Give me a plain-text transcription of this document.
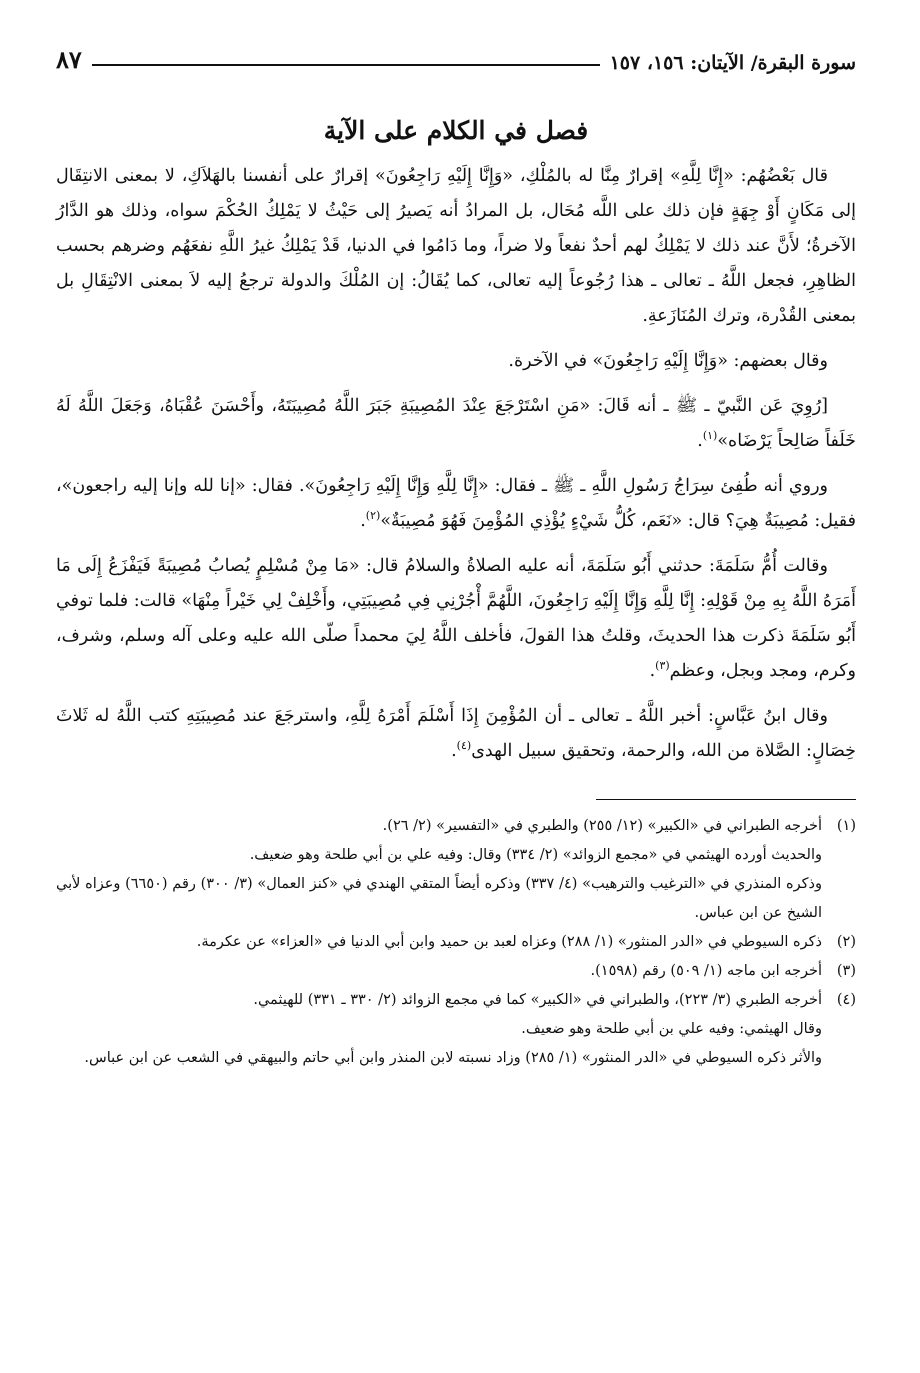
سورة البقرة/ الآيتان: ١٥٦، ١٥٧
٨٧
فصل في الكلام على الآية

قال بَعْضُهُم: «إِنَّا لِلَّهِ» إقرارٌ مِنَّا له بالمُلْكِ، «وَإِنَّا إِلَيْهِ رَاجِعُونَ» إقرارٌ على أنفسنا بالهَلاَكِ، لا بمعنى الانتِقَال إلى مَكَانٍ أَوْ جِهَةٍ فإن ذلك على اللَّه مُحَال، بل المرادُ أنه يَصيرُ إلى حَيْثُ لا يَمْلِكُ الحُكْمَ سواه، وذلك هو الدَّارُ الآخرةُ؛ لأَنَّ عند ذلك لا يَمْلِكُ لهم أحدٌ نفعاً ولا ضراً، وما دَامُوا في الدنيا، قَدْ يَمْلِكُ غيرُ اللَّهِ نفعَهُم وضرهم بحسب الظاهِرِ، فجعل اللَّهُ ـ تعالى ـ هذا رُجُوعاً إليه تعالى، كما يُقَالُ: إن المُلْكَ والدولة ترجعُ إليه لاَ بمعنى الانْتِقَالِ بل بمعنى القُدْرة، وترك المُنَازَعةِ.

وقال بعضهم: «وَإِنَّا إِلَيْهِ رَاجِعُونَ» في الآخرة.

[رُوِيَ عَن النَّبيّ ـ ﷺ ـ أنه قَالَ: «مَنِ اسْتَرْجَعَ عِنْدَ المُصِيبَةِ جَبَرَ اللَّهُ مُصِيبَتَهُ، وأَحْسَنَ عُقْبَاهُ، وَجَعَلَ اللَّهُ لَهُ خَلَفاً صَالِحاً يَرْضَاه»$^{(١)}$.

وروي أنه طُفِئ سِرَاجُ رَسُولِ اللَّهِ ـ ﷺ ـ فقال: «إِنَّا لِلَّهِ وَإِنَّا إِلَيْهِ رَاجِعُونَ». فقال: «إنا لله وإنا إليه راجعون»، فقيل: مُصِيبَةٌ هِيَ؟ قال: «نَعَم، كُلُّ شَيْءٍ يُؤْذِي المُؤْمِنَ فَهُوَ مُصِيبَةٌ»$^{(٢)}$.

وقالت أُمُّ سَلَمَةَ: حدثني أَبُو سَلَمَةَ، أنه عليه الصلاةُ والسلامُ قال: «مَا مِنْ مُسْلِمٍ يُصابُ مُصِيبَةً فَيَفْزَعُ إِلَى مَا أَمَرَهُ اللَّهُ بِهِ مِنْ قَوْلِهِ: إِنَّا لِلَّهِ وَإِنَّا إِلَيْهِ رَاجِعُونَ، اللَّهُمَّ أْجُرْنِي فِي مُصِيبَتِي، وأَخْلِفْ لِي خَيْراً مِنْهَا» قالت: فلما توفي أَبُو سَلَمَةَ ذكرت هذا الحديثَ، وقلتُ هذا القولَ، فأخلف اللَّهُ لِيَ محمداً صلّى الله عليه وعلى آله وسلم، وشرف، وكرم، ومجد وبجل، وعظم$^{(٣)}$.

وقال ابنُ عَبَّاسٍ: أخبر اللَّهُ ـ تعالى ـ أن المُؤْمِنَ إِذَا أَسْلَمَ أَمْرَهُ لِلَّهِ، واسترجَعَ عند مُصِيبَتِهِ كتب اللَّهُ له ثَلاثَ خِصَالٍ: الصَّلاة من الله، والرحمة، وتحقيق سبيل الهدى$^{(٤)}$.

(١)أخرجه الطبراني في «الكبير» (١٢/ ٢٥٥) والطبري في «التفسير» (٢/ ٢٦).

والحديث أورده الهيثمي في «مجمع الزوائد» (٢/ ٣٣٤) وقال: وفيه علي بن أبي طلحة وهو ضعيف.

وذكره المنذري في «الترغيب والترهيب» (٤/ ٣٣٧) وذكره أيضاً المتقي الهندي في «كنز العمال» (٣/ ٣٠٠) رقم (٦٦٥٠) وعزاه لأبي الشيخ عن ابن عباس.

(٢)ذكره السيوطي في «الدر المنثور» (١/ ٢٨٨) وعزاه لعبد بن حميد وابن أبي الدنيا في «العزاء» عن عكرمة.

(٣)أخرجه ابن ماجه (١/ ٥٠٩) رقم (١٥٩٨).

(٤)أخرجه الطبري (٣/ ٢٢٣)، والطبراني في «الكبير» كما في مجمع الزوائد (٢/ ٣٣٠ ـ ٣٣١) للهيثمي.

وقال الهيثمي: وفيه علي بن أبي طلحة وهو ضعيف.

والأثر ذكره السيوطي في «الدر المنثور» (١/ ٢٨٥) وزاد نسبته لابن المنذر وابن أبي حاتم والبيهقي في الشعب عن ابن عباس.
